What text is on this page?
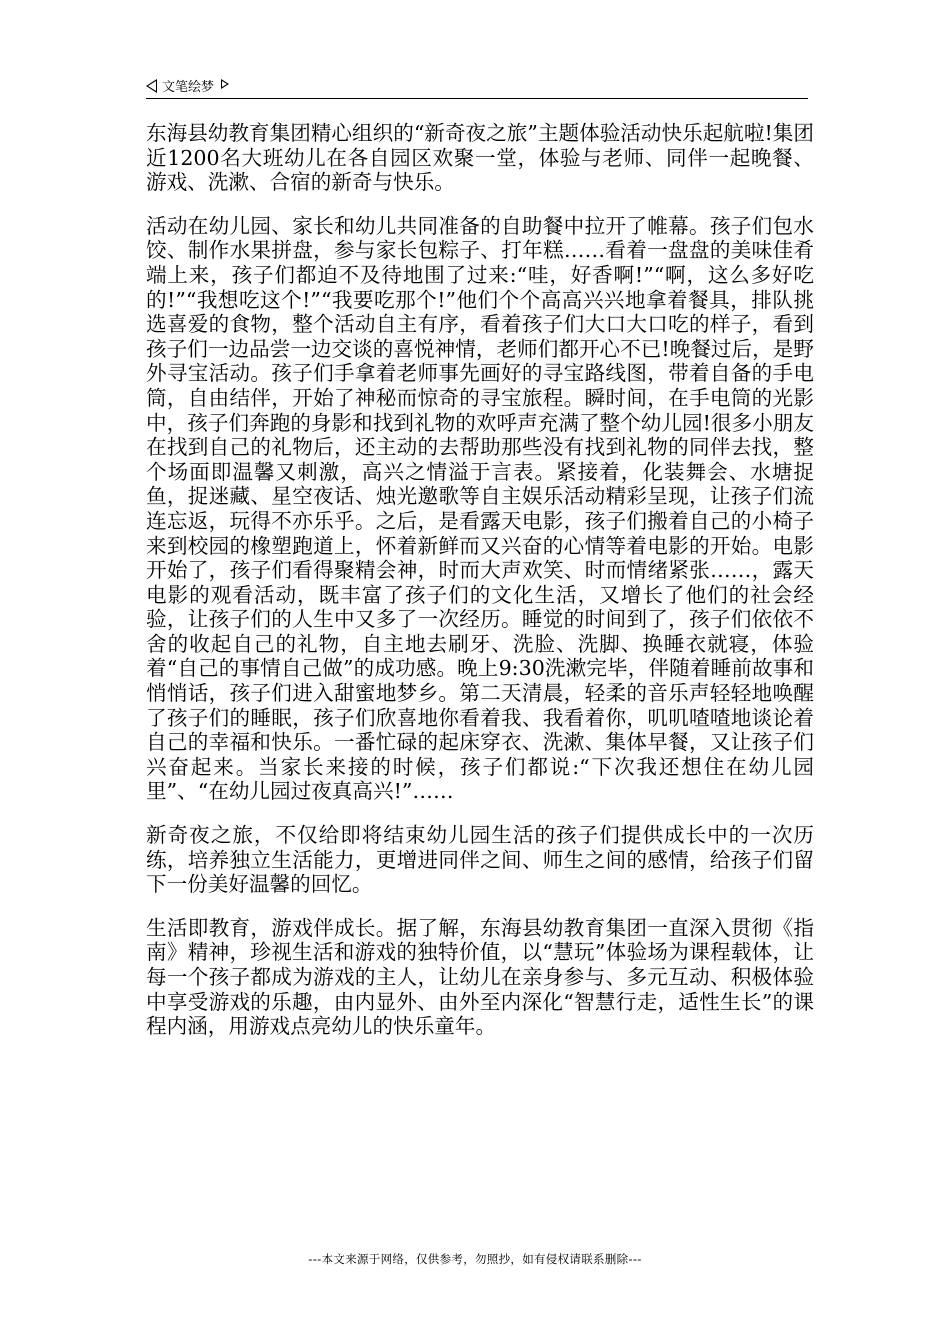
文笔绘梦

东海县幼教育集团精心组织的“新奇夜之旅”主题体验活动快乐起航啦!集团近1200名大班幼儿在各自园区欢聚一堂，体验与老师、同伴一起晚餐、游戏、洗漱、合宿的新奇与快乐。

活动在幼儿园、家长和幼儿共同准备的自助餐中拉开了帷幕。孩子们包水饺、制作水果拼盘，参与家长包粽子、打年糕……看着一盘盘的美味佳肴端上来，孩子们都迫不及待地围了过来:“哇，好香啊!”“啊，这么多好吃的!”“我想吃这个!”“我要吃那个!”他们个个高高兴兴地拿着餐具，排队挑选喜爱的食物，整个活动自主有序，看着孩子们大口大口吃的样子，看到孩子们一边品尝一边交谈的喜悦神情，老师们都开心不已!晚餐过后，是野外寻宝活动。孩子们手拿着老师事先画好的寻宝路线图，带着自备的手电筒，自由结伴，开始了神秘而惊奇的寻宝旅程。瞬时间，在手电筒的光影中，孩子们奔跑的身影和找到礼物的欢呼声充满了整个幼儿园!很多小朋友在找到自己的礼物后，还主动的去帮助那些没有找到礼物的同伴去找，整个场面即温馨又刺激，高兴之情溢于言表。紧接着，化装舞会、水塘捉鱼，捉迷藏、星空夜话、烛光邀歌等自主娱乐活动精彩呈现，让孩子们流连忘返，玩得不亦乐乎。之后，是看露天电影，孩子们搬着自己的小椅子来到校园的橡塑跑道上，怀着新鲜而又兴奋的心情等着电影的开始。电影开始了，孩子们看得聚精会神，时而大声欢笑、时而情绪紧张……，露天电影的观看活动，既丰富了孩子们的文化生活，又增长了他们的社会经验，让孩子们的人生中又多了一次经历。睡觉的时间到了，孩子们依依不舍的收起自己的礼物，自主地去刷牙、洗脸、洗脚、换睡衣就寝，体验着“自己的事情自己做”的成功感。晚上9:30洗漱完毕，伴随着睡前故事和悄悄话，孩子们进入甜蜜地梦乡。第二天清晨，轻柔的音乐声轻轻地唤醒了孩子们的睡眠，孩子们欣喜地你看着我、我看着你，叽叽喳喳地谈论着自己的幸福和快乐。一番忙碌的起床穿衣、洗漱、集体早餐，又让孩子们兴奋起来。当家长来接的时候，孩子们都说:“下次我还想住在幼儿园里”、“在幼儿园过夜真高兴!”……

新奇夜之旅，不仅给即将结束幼儿园生活的孩子们提供成长中的一次历练，培养独立生活能力，更增进同伴之间、师生之间的感情，给孩子们留下一份美好温馨的回忆。

生活即教育，游戏伴成长。据了解，东海县幼教育集团一直深入贯彻《指南》精神，珍视生活和游戏的独特价值，以“慧玩”体验场为课程载体，让每一个孩子都成为游戏的主人，让幼儿在亲身参与、多元互动、积极体验中享受游戏的乐趣，由内显外、由外至内深化“智慧行走，适性生长”的课程内涵，用游戏点亮幼儿的快乐童年。

---本文来源于网络，仅供参考，勿照抄，如有侵权请联系删除---
